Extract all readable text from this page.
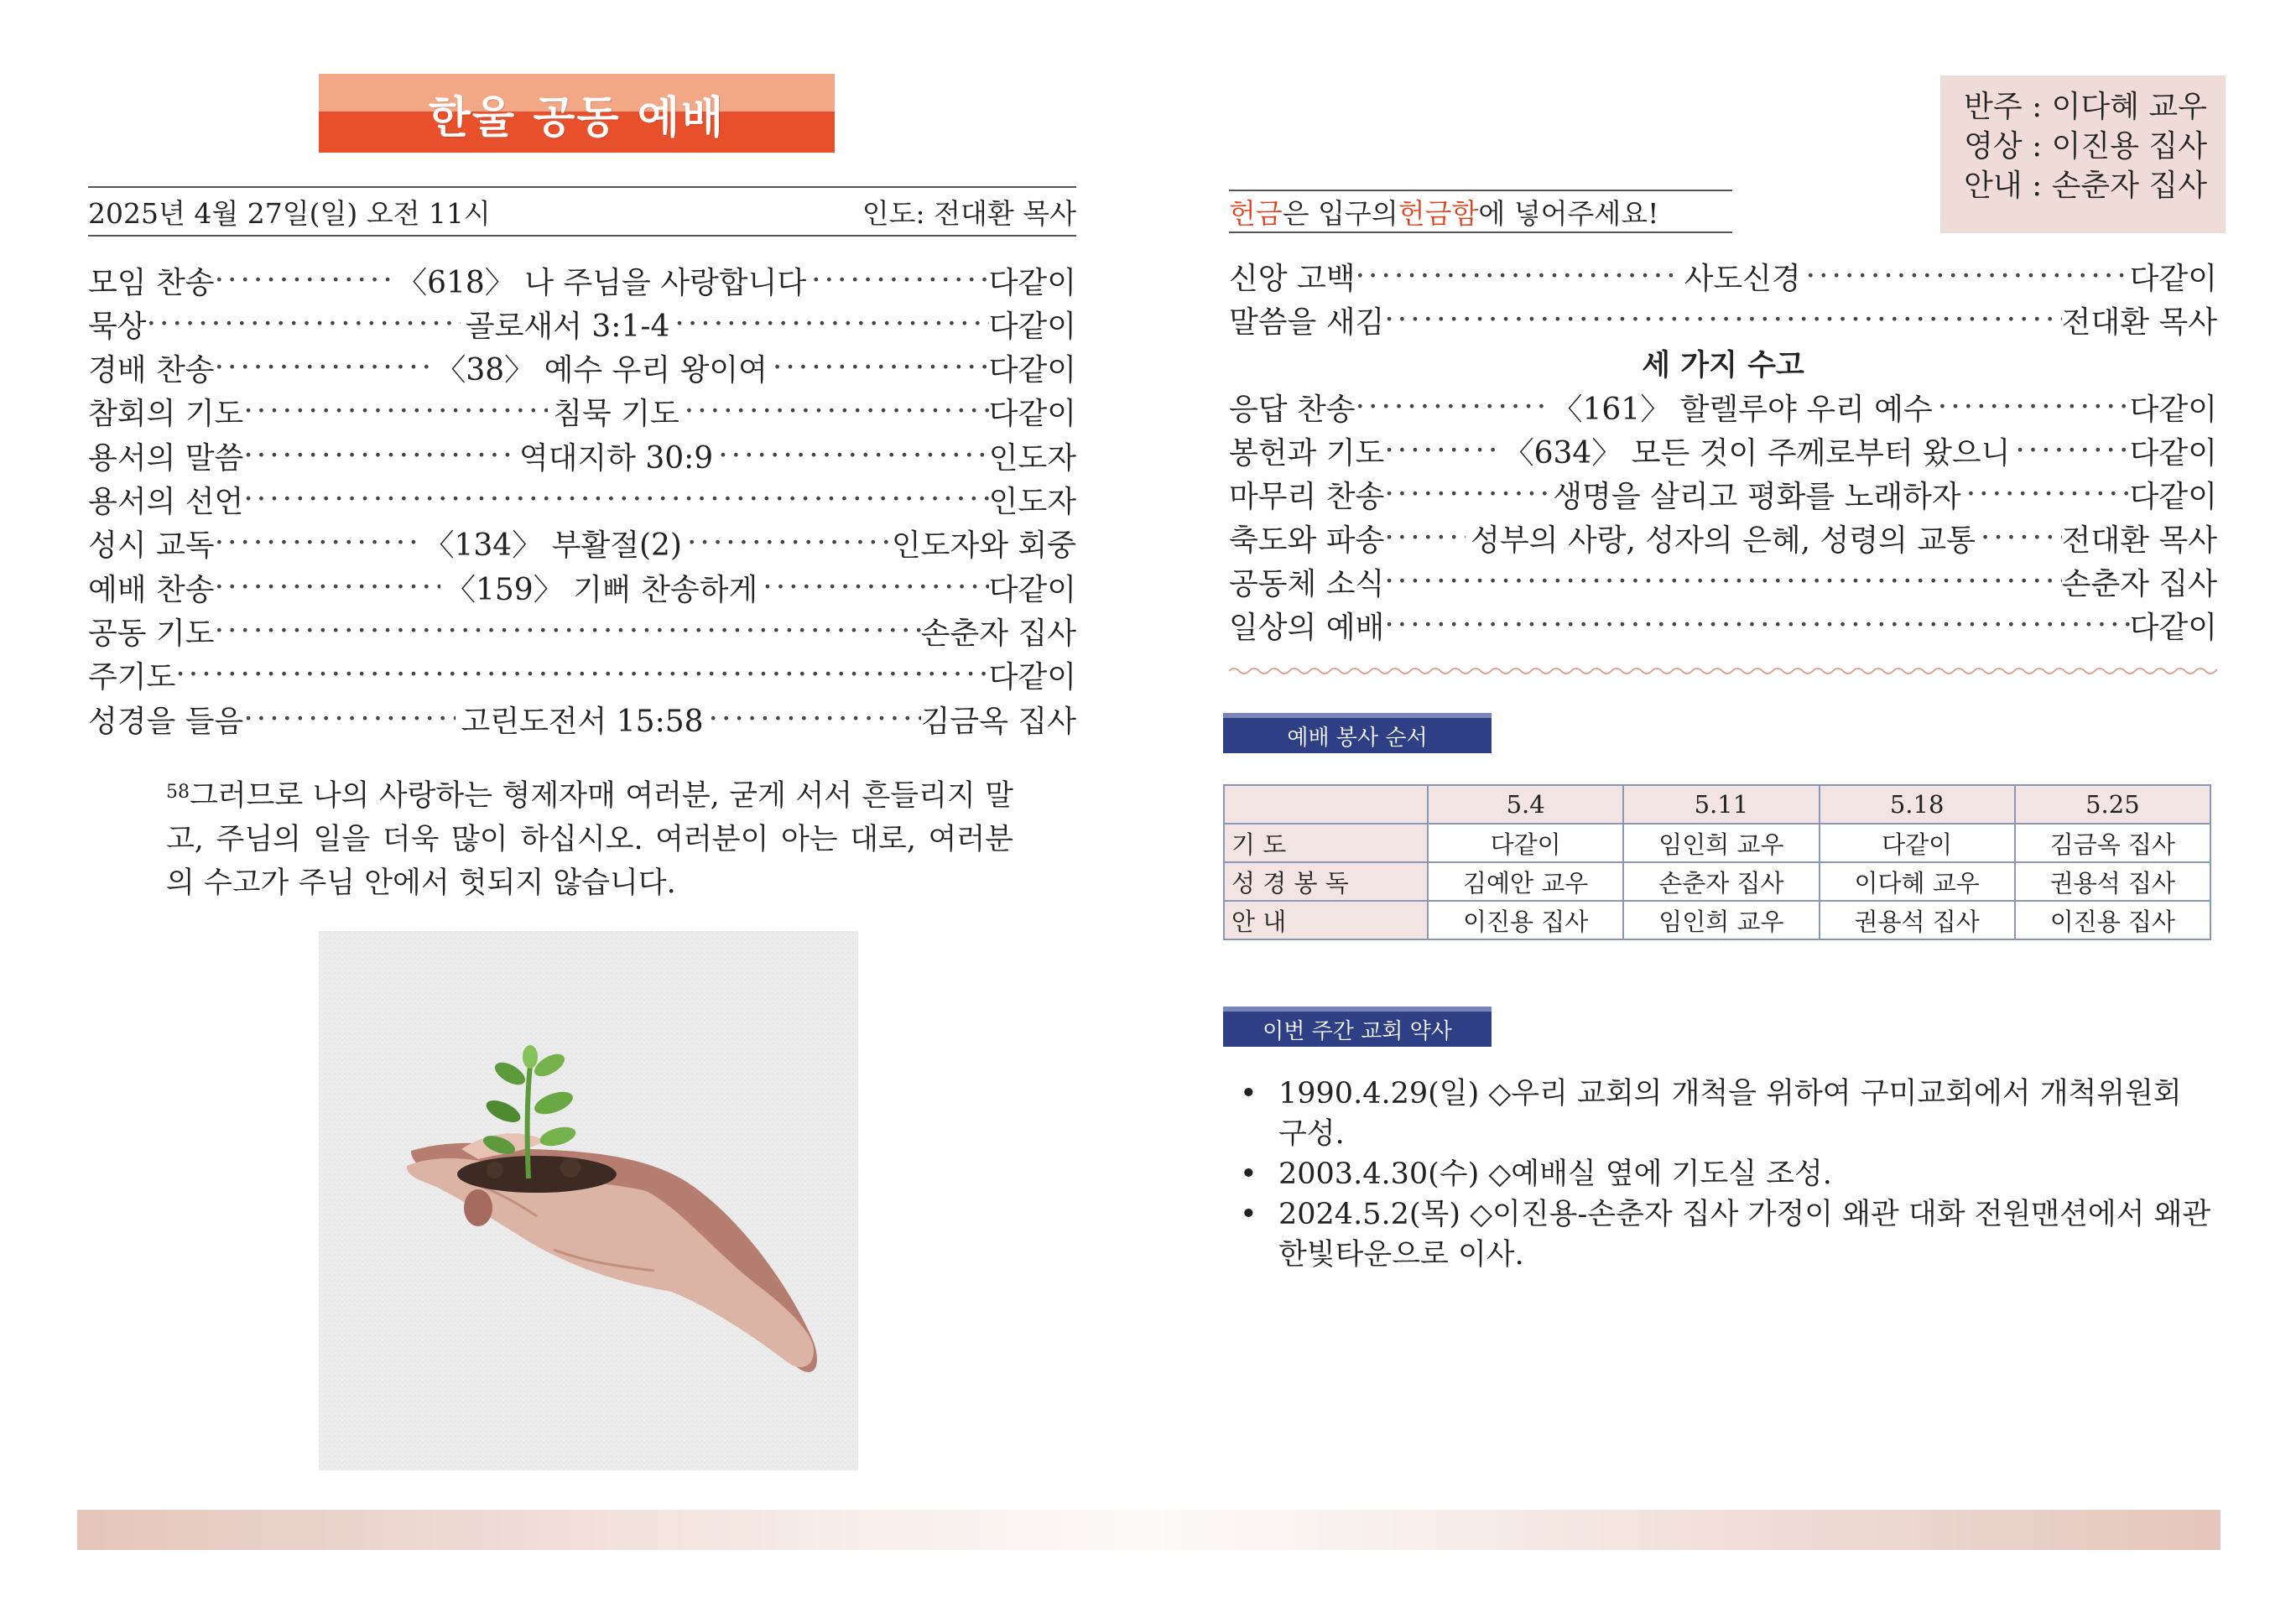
한울 공동 예배
2025년 4월 27일(일) 오전 11시	인도: 전대환 목사
모임 찬송 ·····	〈618〉 나 주님을 사랑합니다 ·····	다같이
묵상 ·····	골로새서 3:1-4 ·····	다같이
경배 찬송 ·····	〈38〉 예수 우리 왕이여 ·····	다같이
참회의 기도 ·····	침묵 기도 ·····	다같이
용서의 말씀 ·····	역대지하 30:9 ·····	인도자
용서의 선언 ·····	인도자
성시 교독 ·····	〈134〉 부활절(2) ·····	인도자와 회중
예배 찬송 ·····	〈159〉 기뻐 찬송하게 ·····	다같이
공동 기도 ·····	손춘자 집사
주기도 ·····	다같이
성경을 들음 ·····	고린도전서 15:58 ·····	김금옥 집사

$^{58}$그러므로 나의 사랑하는 형제자매 여러분, 굳게 서서 흔들리지 말고, 주님의 일을 더욱 많이 하십시오. 여러분이 아는 대로, 여러분의 수고가 주님 안에서 헛되지 않습니다.

반주 : 이다혜 교우
영상 : 이진용 집사
안내 : 손춘자 집사
헌금 은 입구의 헌금함 에 넣어주세요!
신앙 고백 ·····	사도신경 ·····	다같이
말씀을 새김 ·····	전대환 목사
세 가지 수고
응답 찬송 ·····	〈161〉 할렐루야 우리 예수 ·····	다같이
봉헌과 기도 ·····	〈634〉 모든 것이 주께로부터 왔으니 ·····	다같이
마무리 찬송 ·····	생명을 살리고 평화를 노래하자 ·····	다같이
축도와 파송 ·····	성부의 사랑, 성자의 은혜, 성령의 교통 ·····	전대환 목사
공동체 소식 ·····	손춘자 집사
일상의 예배 ·····	다같이
예배 봉사 순서
	5.4	5.11	5.18	5.25
기 도	다같이	임인희 교우	다같이	김금옥 집사
성 경 봉 독	김예안 교우	손춘자 집사	이다혜 교우	권용석 집사
안 내	이진용 집사	임인희 교우	권용석 집사	이진용 집사
이번 주간 교회 약사
• 1990.4.29(일) ◇우리 교회의 개척을 위하여 구미교회에서 개척위원회 구성.
• 2003.4.30(수) ◇예배실 옆에 기도실 조성.
• 2024.5.2(목) ◇이진용-손춘자 집사 가정이 왜관 대화 전원맨션에서 왜관 한빛타운으로 이사.
